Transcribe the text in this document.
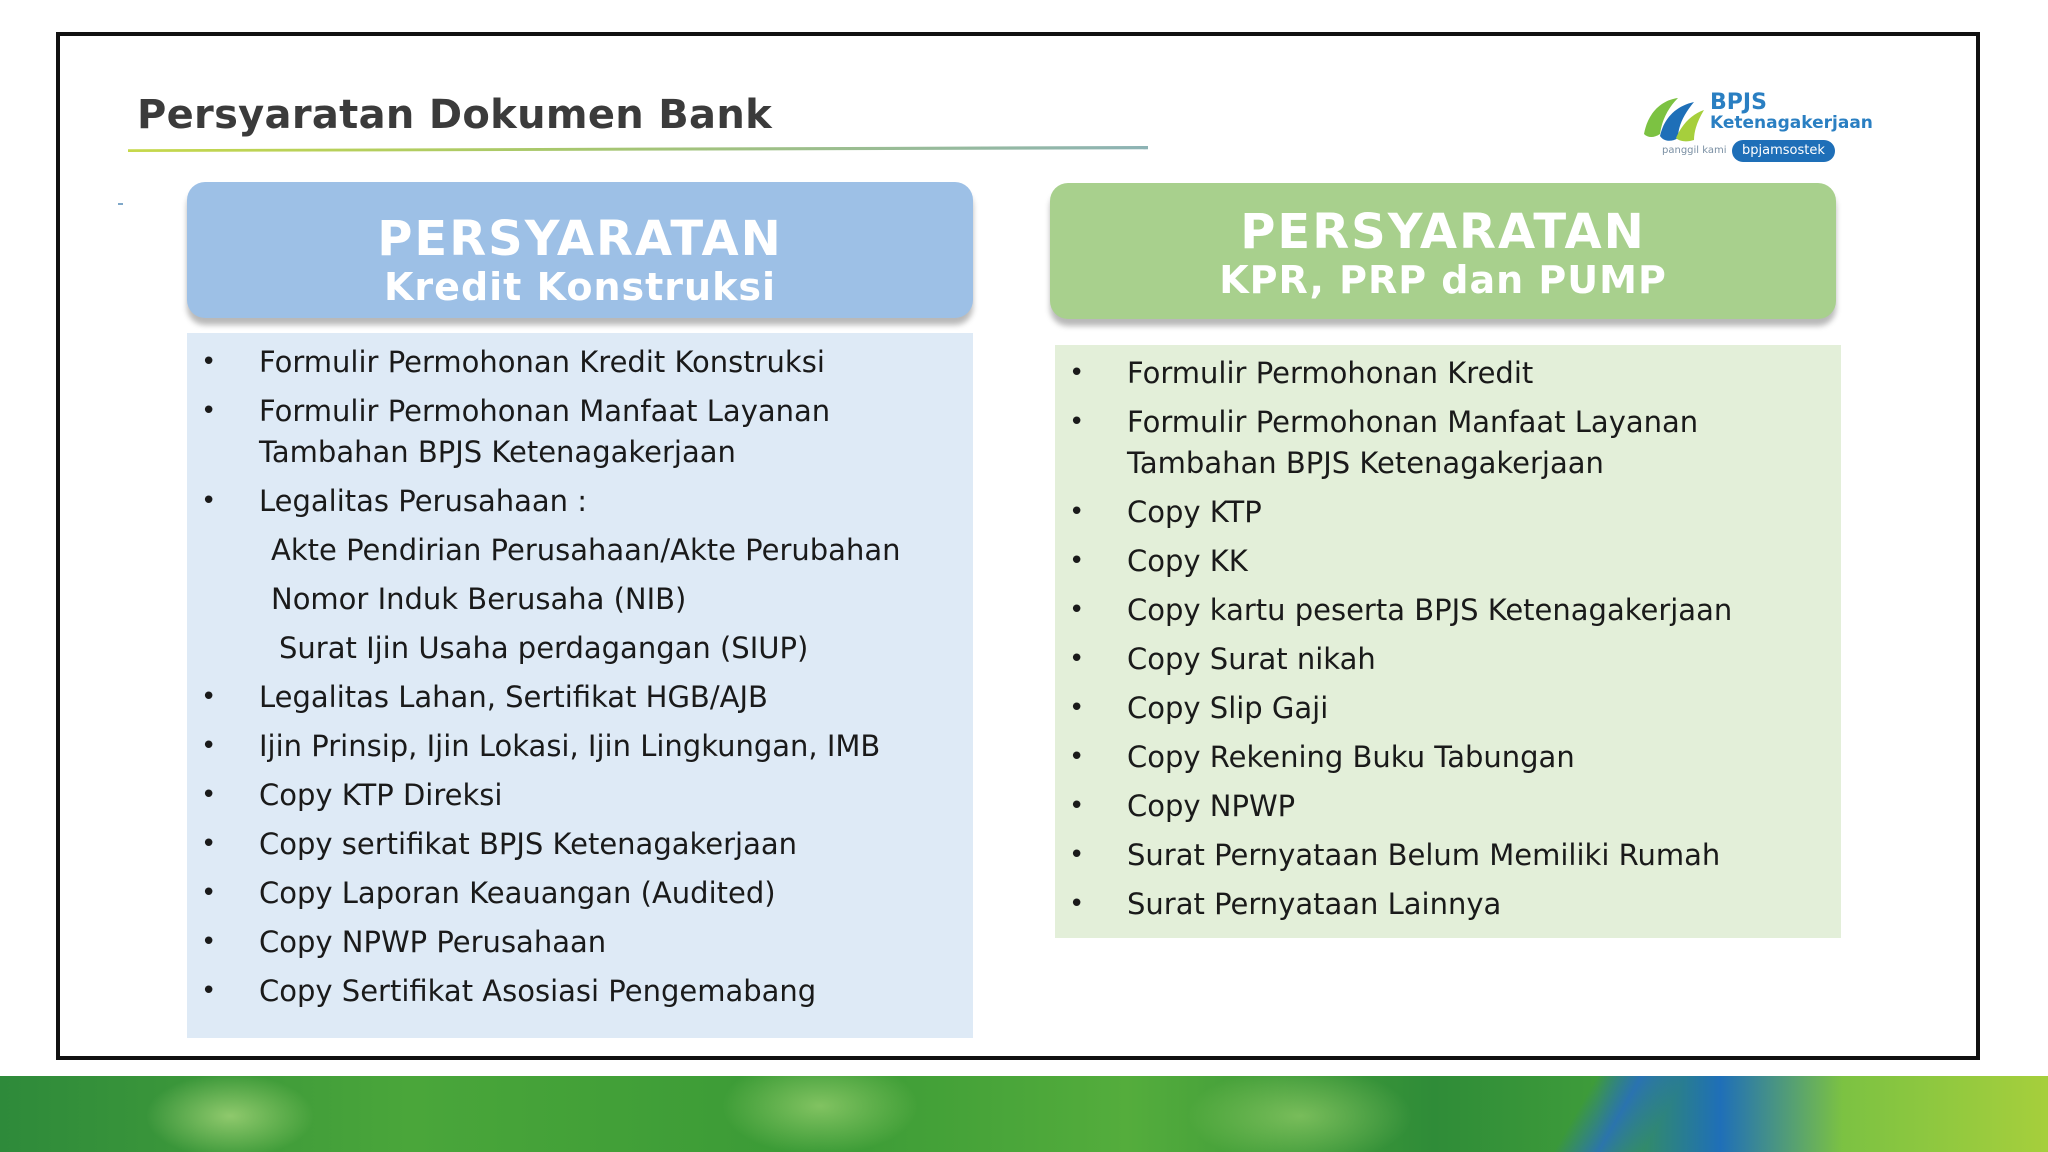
Persyaratan Dokumen Bank	BPJS
Ketenagakerjaan
panggil kami	bpjamsostek
PERSYARATAN
Kredit Konstruksi
• Formulir Permohonan Kredit Konstruksi
• Formulir Permohonan Manfaat Layanan Tambahan BPJS Ketenagakerjaan
• Legalitas Perusahaan :
Akte Pendirian Perusahaan/Akte Perubahan
Nomor Induk Berusaha (NIB)
Surat Ijin Usaha perdagangan (SIUP)
• Legalitas Lahan, Sertifikat HGB/AJB
• Ijin Prinsip, Ijin Lokasi, Ijin Lingkungan, IMB
• Copy KTP Direksi
• Copy sertifikat BPJS Ketenagakerjaan
• Copy Laporan Keauangan (Audited)
• Copy NPWP Perusahaan
• Copy Sertifikat Asosiasi Pengemabang
PERSYARATAN
KPR, PRP dan PUMP
• Formulir Permohonan Kredit
• Formulir Permohonan Manfaat Layanan Tambahan BPJS Ketenagakerjaan
• Copy KTP
• Copy KK
• Copy kartu peserta BPJS Ketenagakerjaan
• Copy Surat nikah
• Copy Slip Gaji
• Copy Rekening Buku Tabungan
• Copy NPWP
• Surat Pernyataan Belum Memiliki Rumah
• Surat Pernyataan Lainnya
